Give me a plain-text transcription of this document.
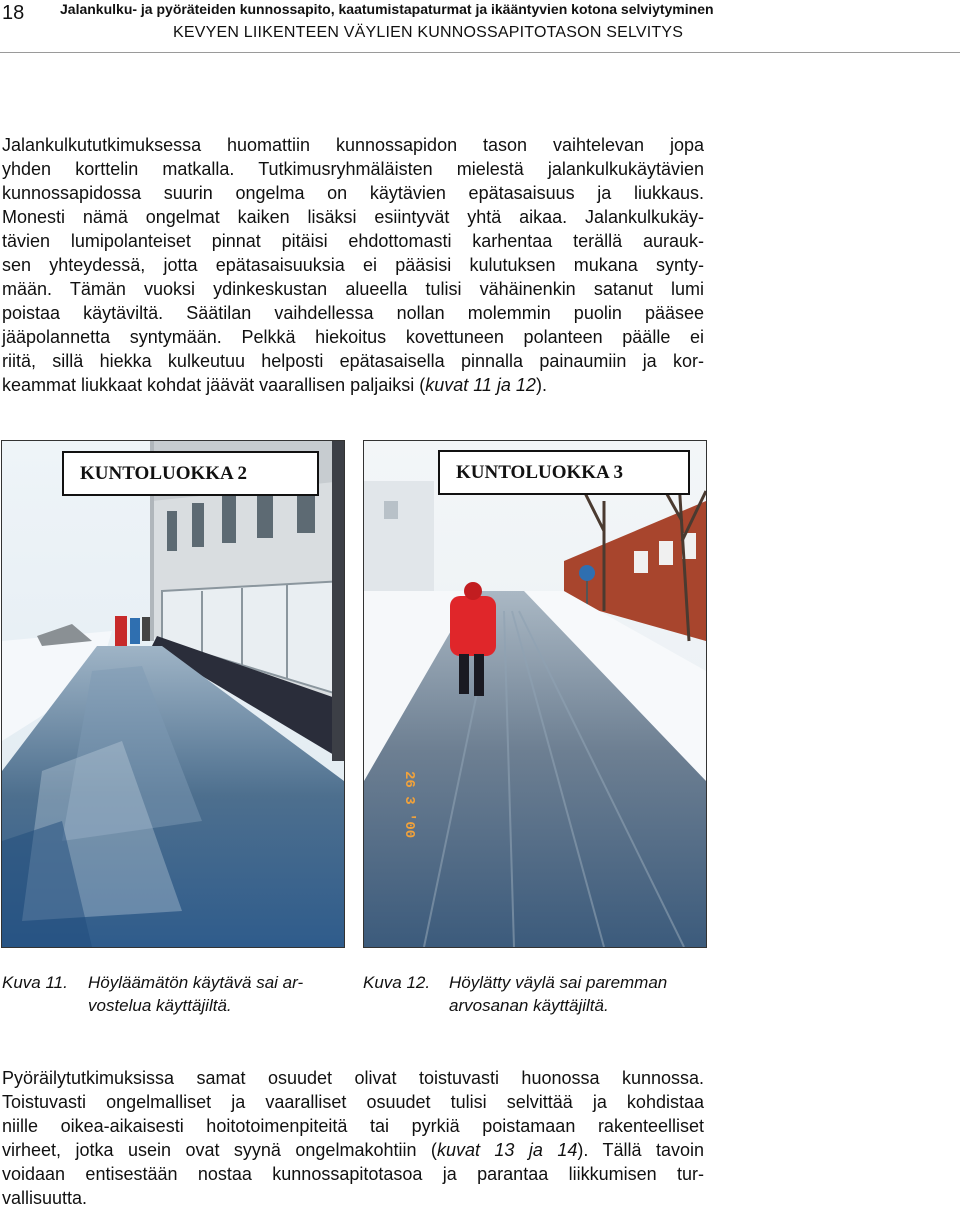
18	Jalankulku- ja pyöräteiden kunnossapito, kaatumistapaturmat ja ikääntyvien kotona selviytyminen
KEVYEN LIIKENTEEN VÄYLIEN KUNNOSSAPITOTASON SELVITYS

Jalankulkututkimuksessa huomattiin kunnossapidon tason vaihtelevan jopa
yhden korttelin matkalla. Tutkimusryhmäläisten mielestä jalankulkukäytävien
kunnossapidossa suurin ongelma on käytävien epätasaisuus ja liukkaus.
Monesti nämä ongelmat kaiken lisäksi esiintyvät yhtä aikaa. Jalankulkukäy-
tävien lumipolanteiset pinnat pitäisi ehdottomasti karhentaa terällä aurauk-
sen yhteydessä, jotta epätasaisuuksia ei pääsisi kulutuksen mukana synty-
mään. Tämän vuoksi ydinkeskustan alueella tulisi vähäinenkin satanut lumi
poistaa käytäviltä. Säätilan vaihdellessa nollan molemmin puolin pääsee
jääpolannetta syntymään. Pelkkä hiekoitus kovettuneen polanteen päälle ei
riitä, sillä hiekka kulkeutuu helposti epätasaisella pinnalla painaumiin ja kor-
keammat liukkaat kohdat jäävät vaarallisen paljaiksi (kuvat 11 ja 12).

KUNTOLUOKKA 2
26 3 '00
KUNTOLUOKKA 3
Kuva 11. Höyläämätön käytävä sai ar-
vostelua käyttäjiltä.
Kuva 12. Höylätty väylä sai paremman
arvosanan käyttäjiltä.

Pyöräilytutkimuksissa samat osuudet olivat toistuvasti huonossa kunnossa.
Toistuvasti ongelmalliset ja vaaralliset osuudet tulisi selvittää ja kohdistaa
niille oikea-aikaisesti hoitotoimenpiteitä tai pyrkiä poistamaan rakenteelliset
virheet, jotka usein ovat syynä ongelmakohtiin (kuvat 13 ja 14). Tällä tavoin
voidaan entisestään nostaa kunnossapitotasoa ja parantaa liikkumisen tur-
vallisuutta.
